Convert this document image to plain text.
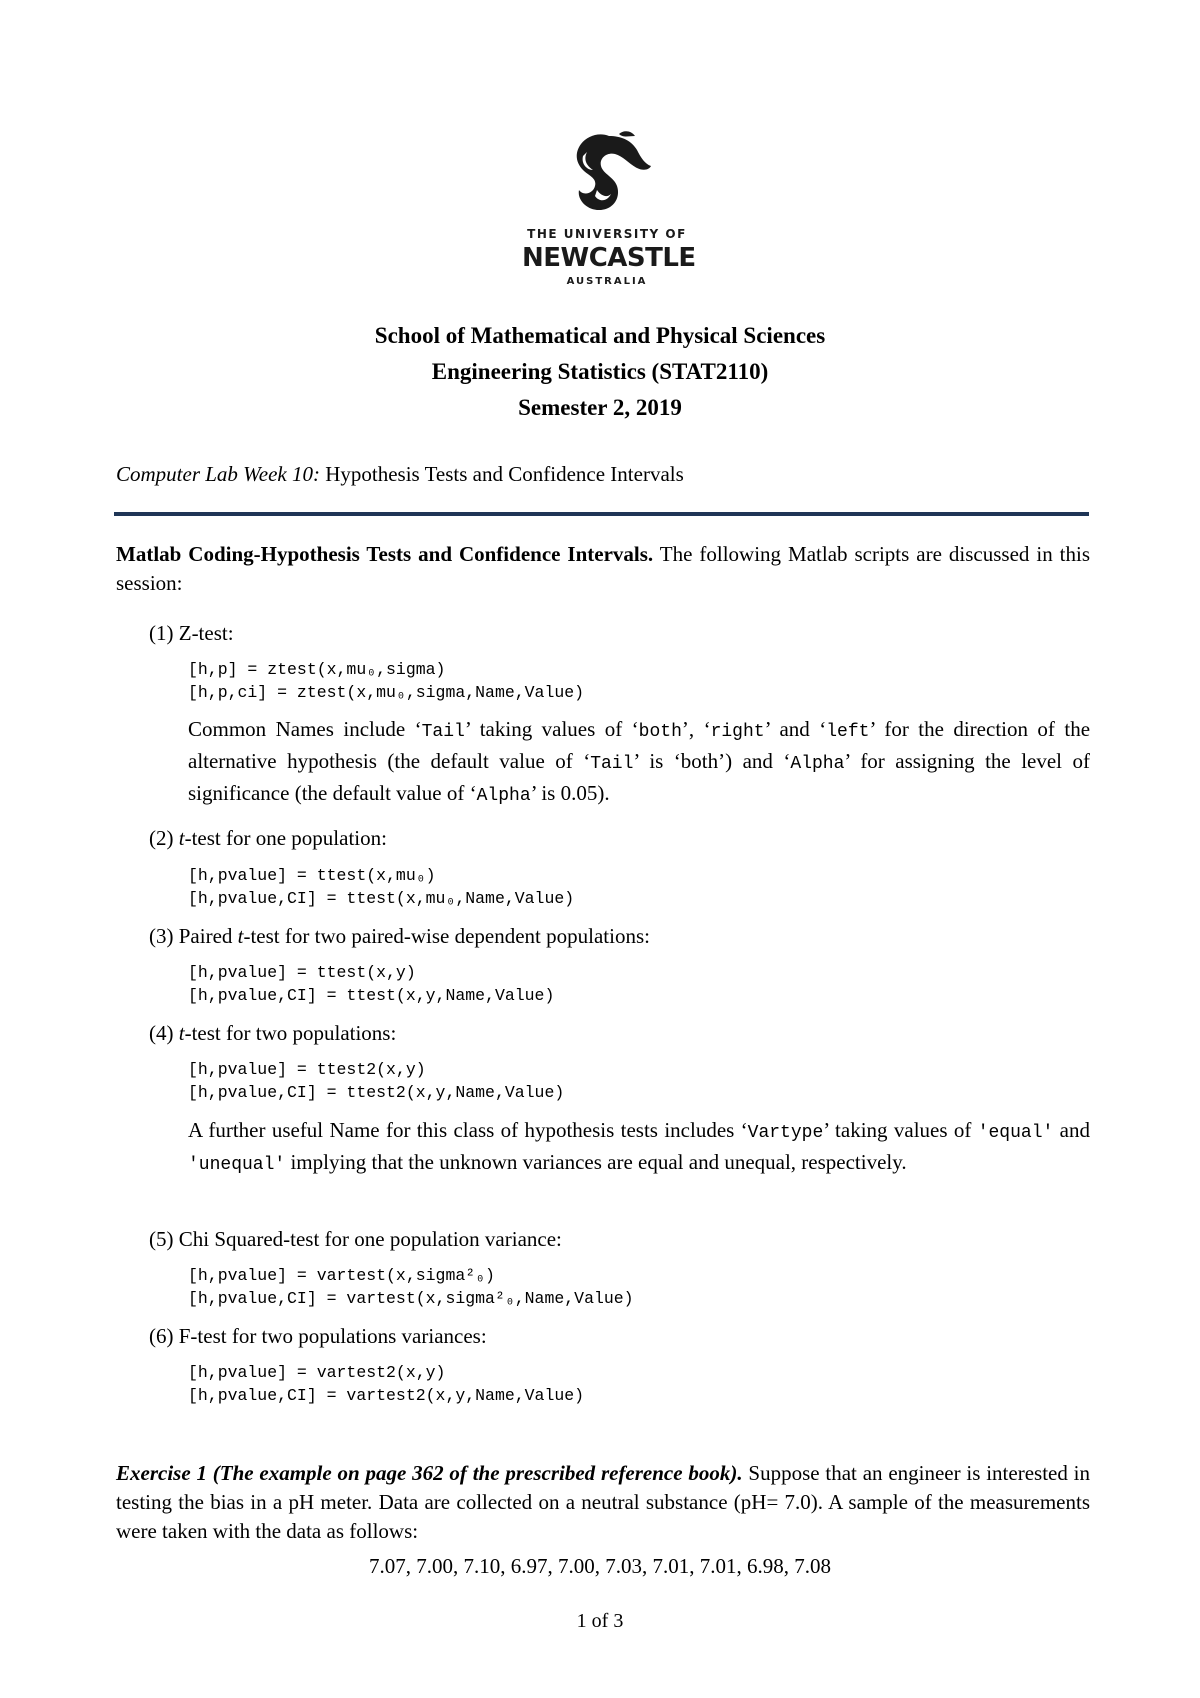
THE UNIVERSITY OF
NEWCASTLE
AUSTRALIA
School of Mathematical and Physical Sciences
Engineering Statistics (STAT2110)
Semester 2, 2019
Computer Lab Week 10: Hypothesis Tests and Confidence Intervals
Matlab Coding-Hypothesis Tests and Confidence Intervals. The following Matlab scripts are discussed in this session:
(1) Z-test:
[h,p] = ztest(x,mu₀,sigma)
[h,p,ci] = ztest(x,mu₀,sigma,Name,Value)
Common Names include ‘Tail’ taking values of ‘both’, ‘right’ and ‘left’ for the direction of the alternative hypothesis (the default value of ‘Tail’ is ‘both’) and ‘Alpha’ for assigning the level of significance (the default value of ‘Alpha’ is 0.05).
(2) t-test for one population:
[h,pvalue] = ttest(x,mu₀)
[h,pvalue,CI] = ttest(x,mu₀,Name,Value)
(3) Paired t-test for two paired-wise dependent populations:
[h,pvalue] = ttest(x,y)
[h,pvalue,CI] = ttest(x,y,Name,Value)
(4) t-test for two populations:
[h,pvalue] = ttest2(x,y)
[h,pvalue,CI] = ttest2(x,y,Name,Value)
A further useful Name for this class of hypothesis tests includes ‘Vartype’ taking values of 'equal' and 'unequal' implying that the unknown variances are equal and unequal, respectively.
(5) Chi Squared-test for one population variance:
[h,pvalue] = vartest(x,sigma²₀)
[h,pvalue,CI] = vartest(x,sigma²₀,Name,Value)
(6) F-test for two populations variances:
[h,pvalue] = vartest2(x,y)
[h,pvalue,CI] = vartest2(x,y,Name,Value)
Exercise 1 (The example on page 362 of the prescribed reference book). Suppose that an engineer is interested in testing the bias in a pH meter. Data are collected on a neutral substance (pH= 7.0). A sample of the measurements were taken with the data as follows:
7.07, 7.00, 7.10, 6.97, 7.00, 7.03, 7.01, 7.01, 6.98, 7.08
1 of 3
